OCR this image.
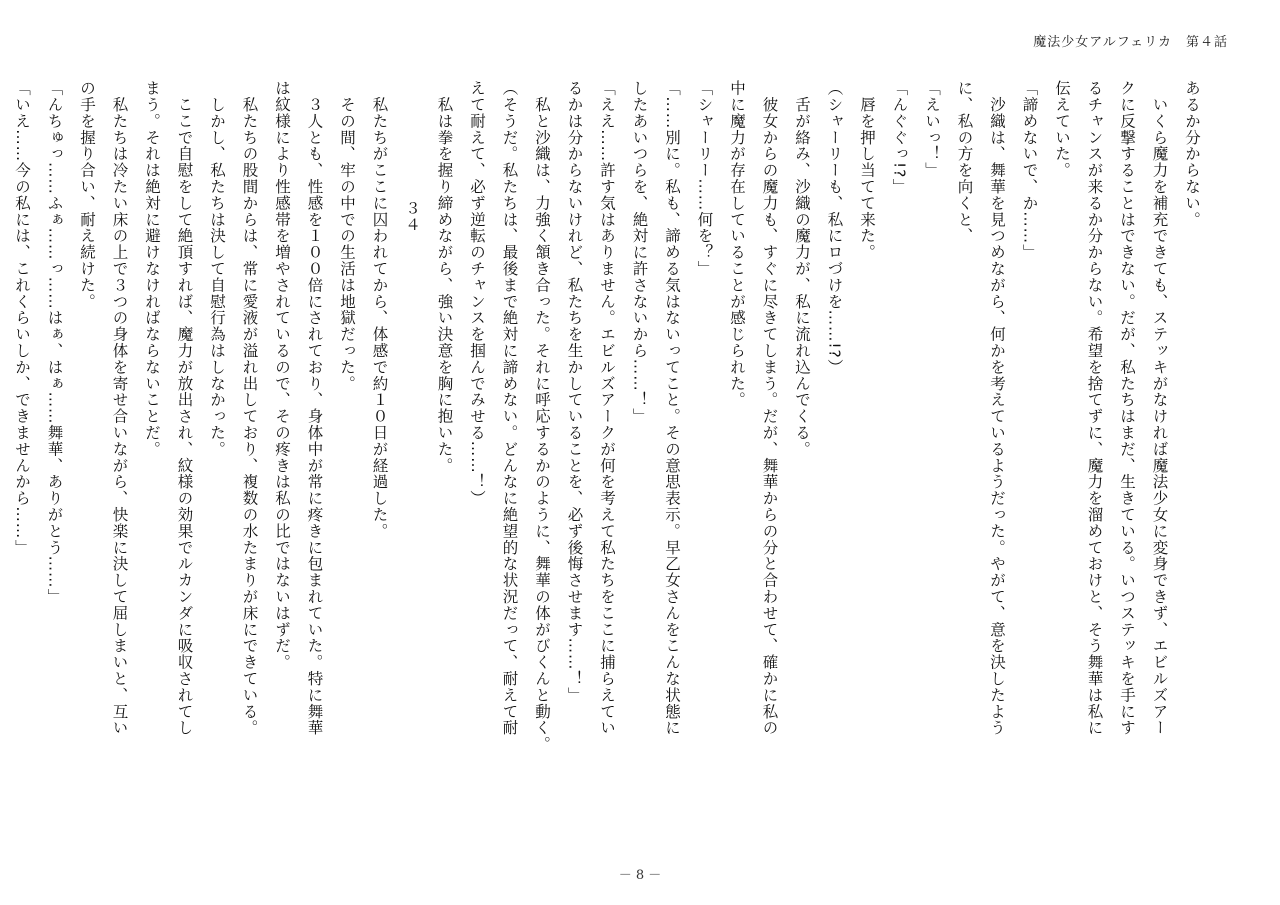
魔法少女アルフェリカ 第４話
あるか分からない。
　いくら魔力を補充できても、ステッキがなければ魔法少女に変身できず、エビルズアー
クに反撃することはできない。だが、私たちはまだ、生きている。いつステッキを手にす
るチャンスが来るか分からない。希望を捨てずに、魔力を溜めておけと、そう舞華は私に
伝えていた。
「諦めないで、か……」
　沙織は、舞華を見つめながら、何かを考えているようだった。やがて、意を決したよう
に、私の方を向くと、
「えいっ！」
「んぐぐっ!?」
　唇を押し当てて来た。
（シャーリーも、私にロづけを……!?）
　舌が絡み、沙織の魔力が、私に流れ込んでくる。
　彼女からの魔力も、すぐに尽きてしまう。だが、舞華からの分と合わせて、確かに私の
中に魔力が存在していることが感じられた。
「シャーリー……何を？」
「……別に。私も、諦める気はないってこと。その意思表示。早乙女さんをこんな状態に
したあいつらを、絶対に許さないから……！」
「ええ……許す気はありません。エビルズアークが何を考えて私たちをここに捕らえてい
るかは分からないけれど、私たちを生かしていることを、必ず後悔させます……！」
　私と沙織は、力強く頷き合った。それに呼応するかのように、舞華の体がびくんと動く。
（そうだ。私たちは、最後まで絶対に諦めない。どんなに絶望的な状況だって、耐えて耐
えて耐えて、必ず逆転のチャンスを掴んでみせる……！）
　私は拳を握り締めながら、強い決意を胸に抱いた。
３４
　私たちがここに囚われてから、体感で約１０日が経過した。
　その間、牢の中での生活は地獄だった。
　３人とも、性感を１００倍にされており、身体中が常に疼きに包まれていた。特に舞華
は紋様により性感帯を増やされているので、その疼きは私の比ではないはずだ。
　私たちの股間からは、常に愛液が溢れ出しており、複数の水たまりが床にできている。
　しかし、私たちは決して自慰行為はしなかった。
　ここで自慰をして絶頂すれば、魔力が放出され、紋様の効果でルカンダに吸収されてし
まう。それは絶対に避けなければならないことだ。
　私たちは冷たい床の上で３つの身体を寄せ合いながら、快楽に決して屈しまいと、互い
の手を握り合い、耐え続けた。
「んちゅっ……ふぁ……っ……はぁ、はぁ……舞華、ありがとう……」
「いえ……今の私には、これくらいしか、できませんから……」
－ 8 －
